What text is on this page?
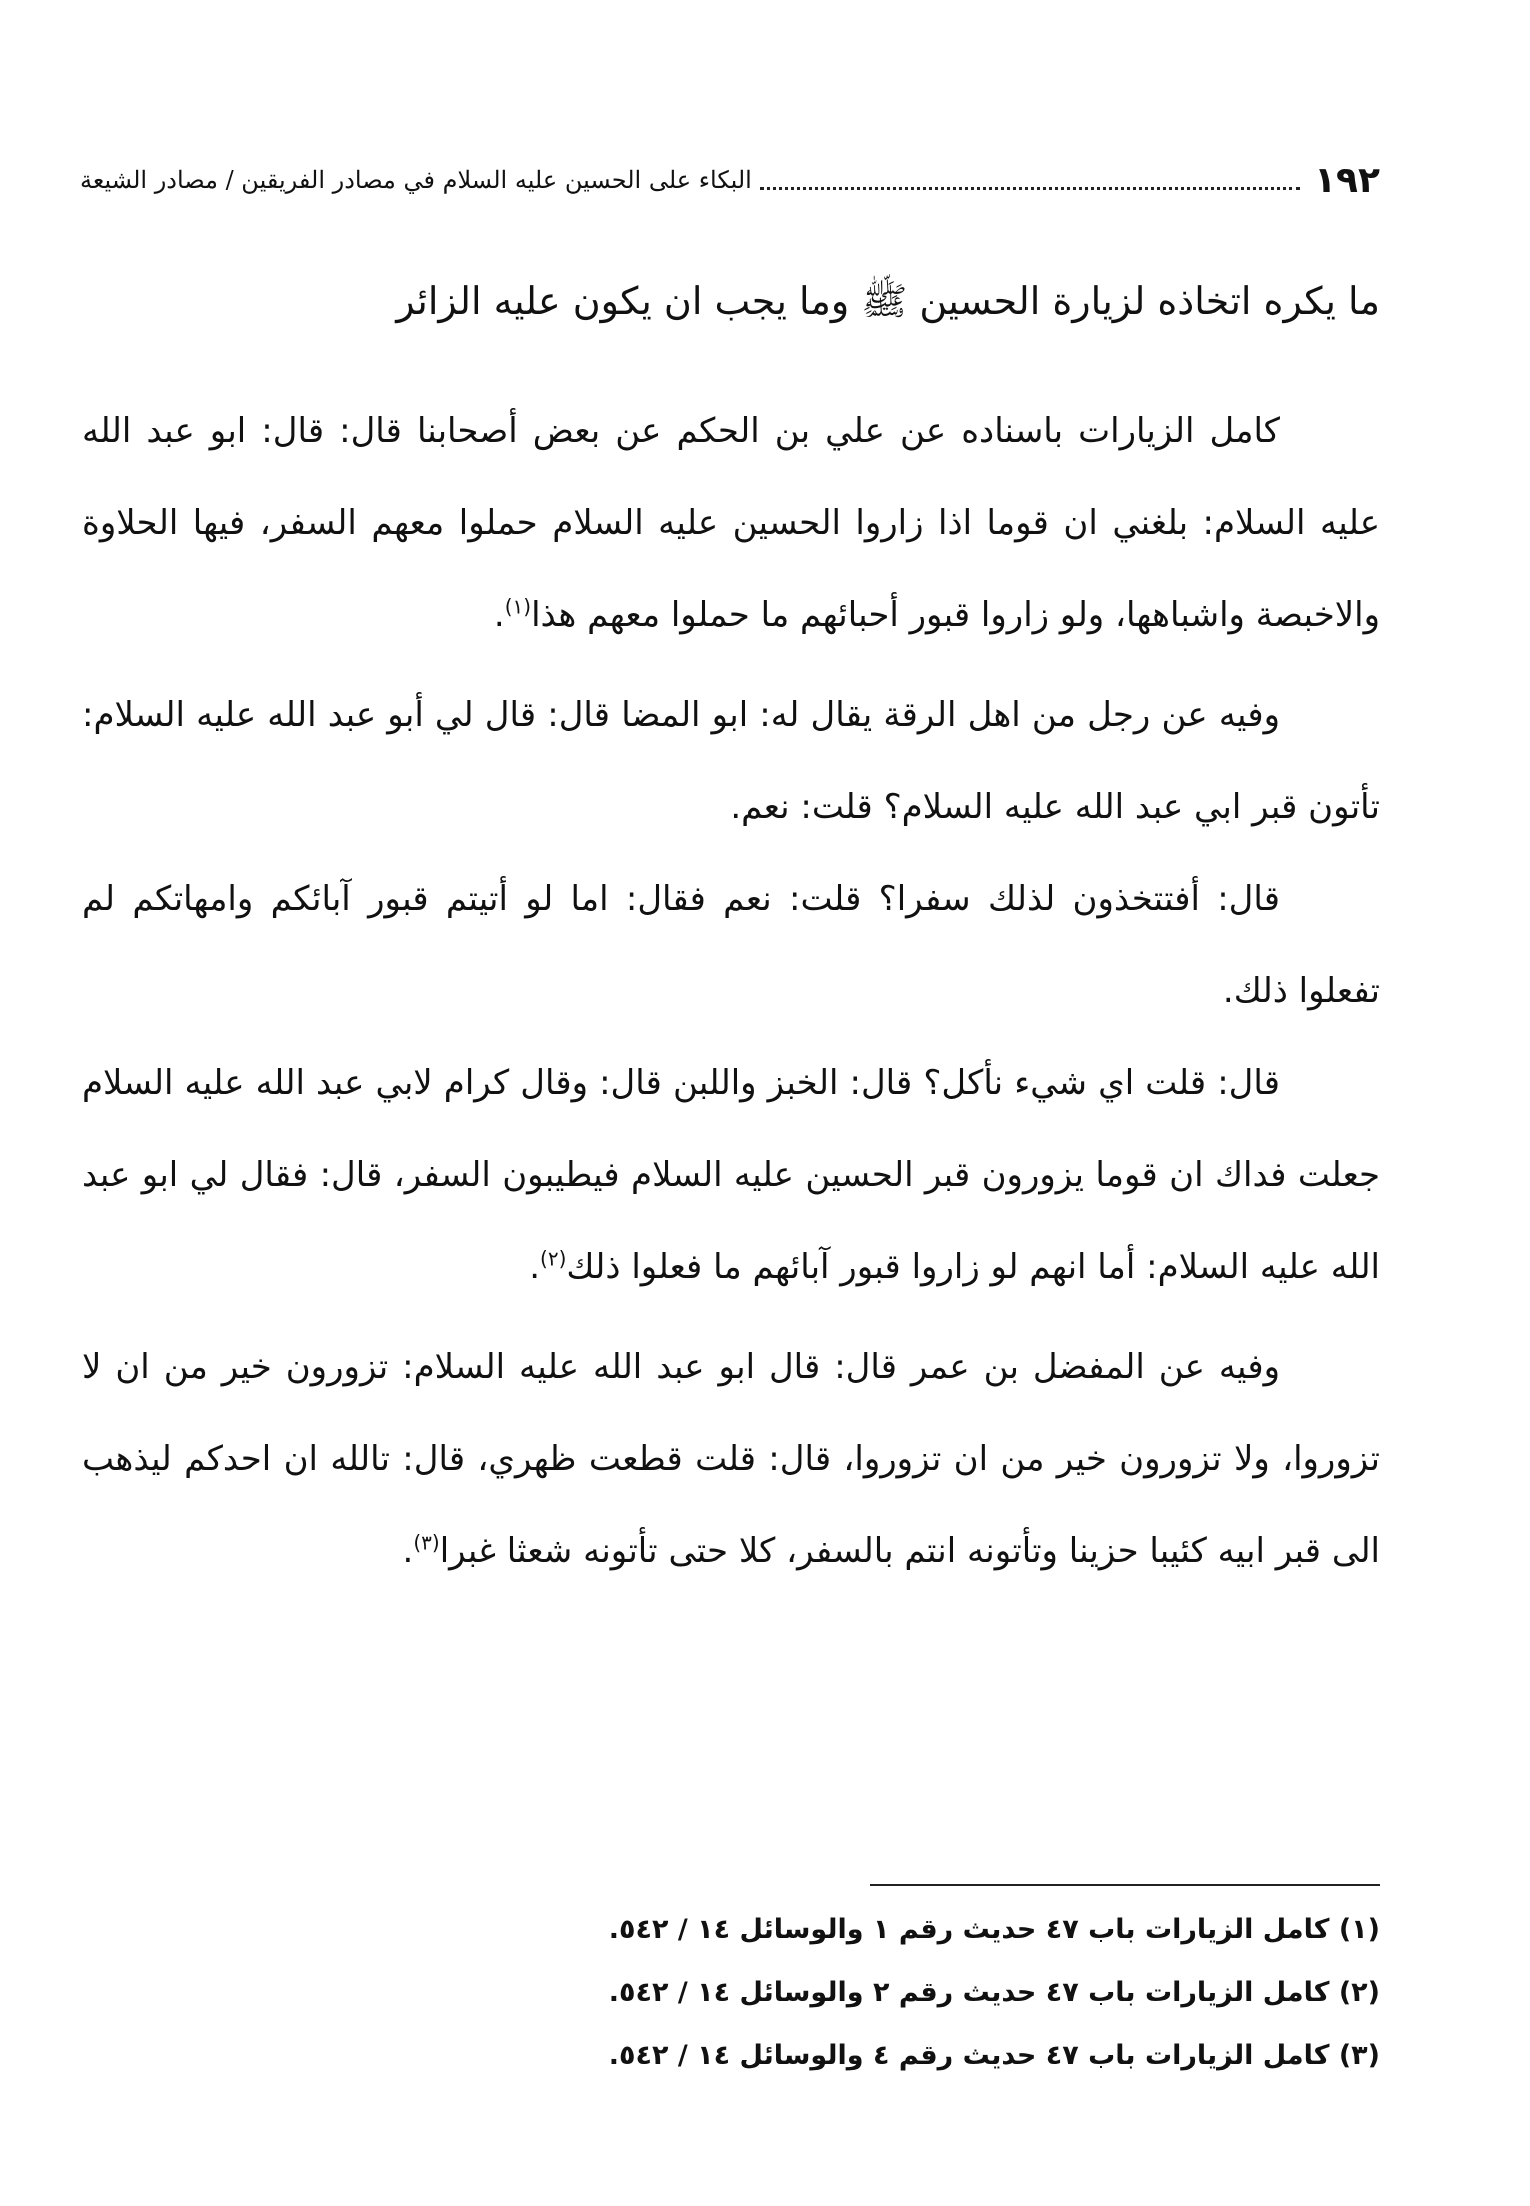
١٩٢
البكاء على الحسين عليه السلام في مصادر الفريقين / مصادر الشيعة
ما يكره اتخاذه لزيارة الحسين ﷺ وما يجب ان يكون عليه الزائر

كامل الزيارات باسناده عن علي بن الحكم عن بعض أصحابنا قال: قال: ابو عبد الله عليه السلام: بلغني ان قوما اذا زاروا الحسين عليه السلام حملوا معهم السفر، فيها الحلاوة والاخبصة واشباهها، ولو زاروا قبور أحبائهم ما حملوا معهم هذا$^{(١)}$.

وفيه عن رجل من اهل الرقة يقال له: ابو المضا قال: قال لي أبو عبد الله عليه السلام: تأتون قبر ابي عبد الله عليه السلام؟ قلت: نعم.

قال: أفتتخذون لذلك سفرا؟ قلت: نعم فقال: اما لو أتيتم قبور آبائكم وامهاتكم لم تفعلوا ذلك.

قال: قلت اي شيء نأكل؟ قال: الخبز واللبن قال: وقال كرام لابي عبد الله عليه السلام جعلت فداك ان قوما يزورون قبر الحسين عليه السلام فيطيبون السفر، قال: فقال لي ابو عبد الله عليه السلام: أما انهم لو زاروا قبور آبائهم ما فعلوا ذلك$^{(٢)}$.

وفيه عن المفضل بن عمر قال: قال ابو عبد الله عليه السلام: تزورون خير من ان لا تزوروا، ولا تزورون خير من ان تزوروا، قال: قلت قطعت ظهري، قال: تالله ان احدكم ليذهب الى قبر ابيه كئيبا حزينا وتأتونه انتم بالسفر، كلا حتى تأتونه شعثا غبرا$^{(٣)}$.

(١) كامل الزيارات باب ٤٧ حديث رقم ١ والوسائل ١٤ / ٥٤٢.

(٢) كامل الزيارات باب ٤٧ حديث رقم ٢ والوسائل ١٤ / ٥٤٢.

(٣) كامل الزيارات باب ٤٧ حديث رقم ٤ والوسائل ١٤ / ٥٤٢.
